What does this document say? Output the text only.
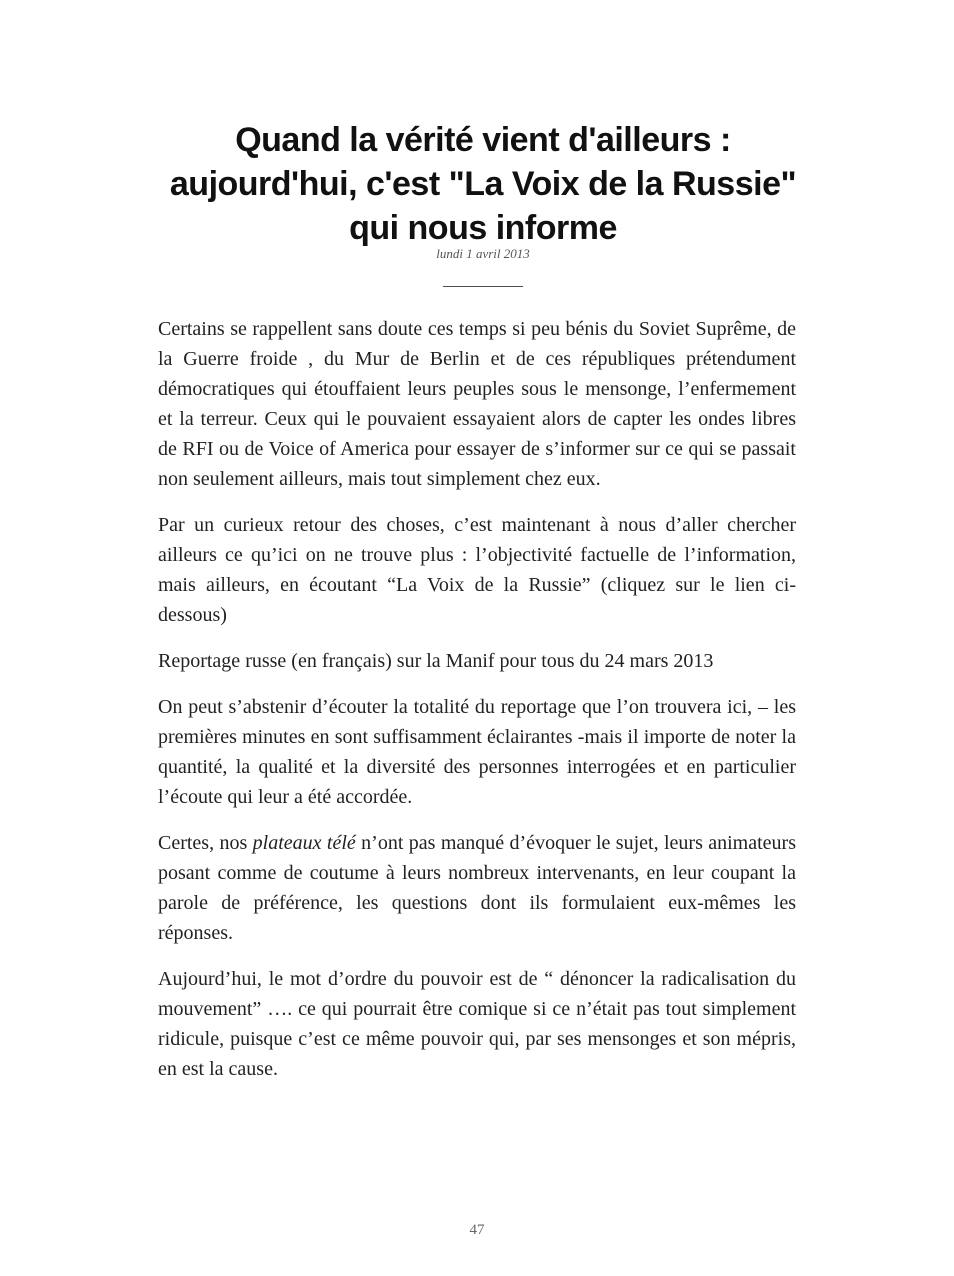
Quand la vérité vient d'ailleurs :
aujourd'hui, c'est "La Voix de la Russie"
qui nous informe
lundi 1 avril 2013
__________

Certains se rappellent sans doute ces temps si peu bénis du Soviet Suprême, de la Guerre froide , du Mur de Berlin et de ces républiques prétendument démocratiques qui étouffaient leurs peuples sous le mensonge, l’enfermement et la terreur. Ceux qui le pouvaient essayaient alors de capter les ondes libres de RFI ou de Voice of America pour essayer de s’informer sur ce qui se passait non seulement ailleurs, mais tout simplement chez eux.

Par un curieux retour des choses, c’est maintenant à nous d’aller chercher ailleurs ce qu’ici on ne trouve plus : l’objectivité factuelle de l’information, mais ailleurs, en écoutant “La Voix de la Russie” (cliquez sur le lien ci-dessous)

Reportage russe (en français) sur la Manif pour tous du 24 mars 2013

On peut s’abstenir d’écouter la totalité du reportage que l’on trouvera ici, – les premières minutes en sont suffisamment éclairantes -mais il importe de noter la quantité, la qualité et la diversité des personnes interrogées et en particulier l’écoute qui leur a été accordée.

Certes, nos plateaux télé n’ont pas manqué d’évoquer le sujet, leurs animateurs posant comme de coutume à leurs nombreux intervenants, en leur coupant la parole de préférence, les questions dont ils formulaient eux-mêmes les réponses.

Aujourd’hui, le mot d’ordre du pouvoir est de “ dénoncer la radicalisation du mouvement” …. ce qui pourrait être comique si ce n’était pas tout simplement ridicule, puisque c’est ce même pouvoir qui, par ses mensonges et son mépris, en est la cause.

47
